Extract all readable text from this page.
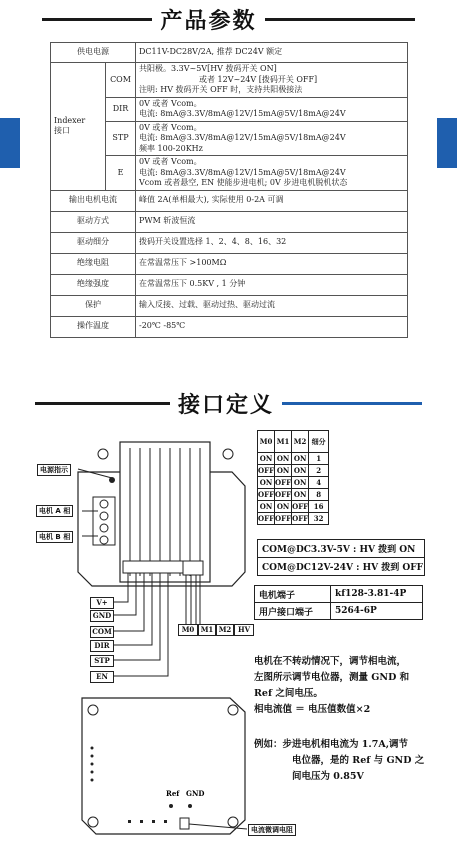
产品参数
供电电源		DC11V-DC28V/2A, 推荐 DC24V 额定

Indexer
接口	COM	共阳极。3.3V~5V[HV 拨码开关 ON]
或者 12V~24V [拨码开关 OFF]
注明: HV 拨码开关 OFF 时，支持共阳极接法

	DIR	0V 或者 Vcom。
电流: 8mA@3.3V/8mA@12V/15mA@5V/18mA@24V

	STP	0V 或者 Vcom。
电流: 8mA@3.3V/8mA@12V/15mA@5V/18mA@24V
频率 100-20KHz

	E	0V 或者 Vcom。
电流: 8mA@3.3V/8mA@12V/15mA@5V/18mA@24V
Vcom 或者悬空, EN 使能步进电机; 0V 步进电机脱机状态

输出电机电流		峰值 2A(单相最大), 实际使用 0-2A 可调
驱动方式		PWM 斩波恒流
驱动细分		拨码开关设置选择 1、2、4、8、16、32
绝缘电阻		在常温常压下 >100MΩ
绝缘强度		在常温常压下 0.5KV , 1 分钟
保护		输入反接、过载、驱动过热、驱动过流
操作温度		-20℃ -85℃
接口定义
Ref GND
电源指示
电机 A 相
电机 B 相
V+
GND
COM
DIR
STP
EN
M0 M1 M2 HV
电流微调电阻
M0	M1	M2	细分
ON	ON	ON	1
OFF	ON	ON	2
ON	OFF	ON	4
OFF	OFF	ON	8
ON	ON	OFF	16
OFF	OFF	OFF	32
COM@DC3.3V-5V : HV 拨到 ON
COM@DC12V-24V : HV 拨到 OFF
电机端子	kf128-3.81-4P
用户接口端子	5264-6P
电机在不转动情况下，调节相电流，
左图所示调节电位器，测量 GND 和
Ref 之间电压。
相电流值 ＝ 电压值数值×2
例如：步进电机相电流为 1.7A,调节
电位器，是的 Ref 与 GND 之
间电压为 0.85V
